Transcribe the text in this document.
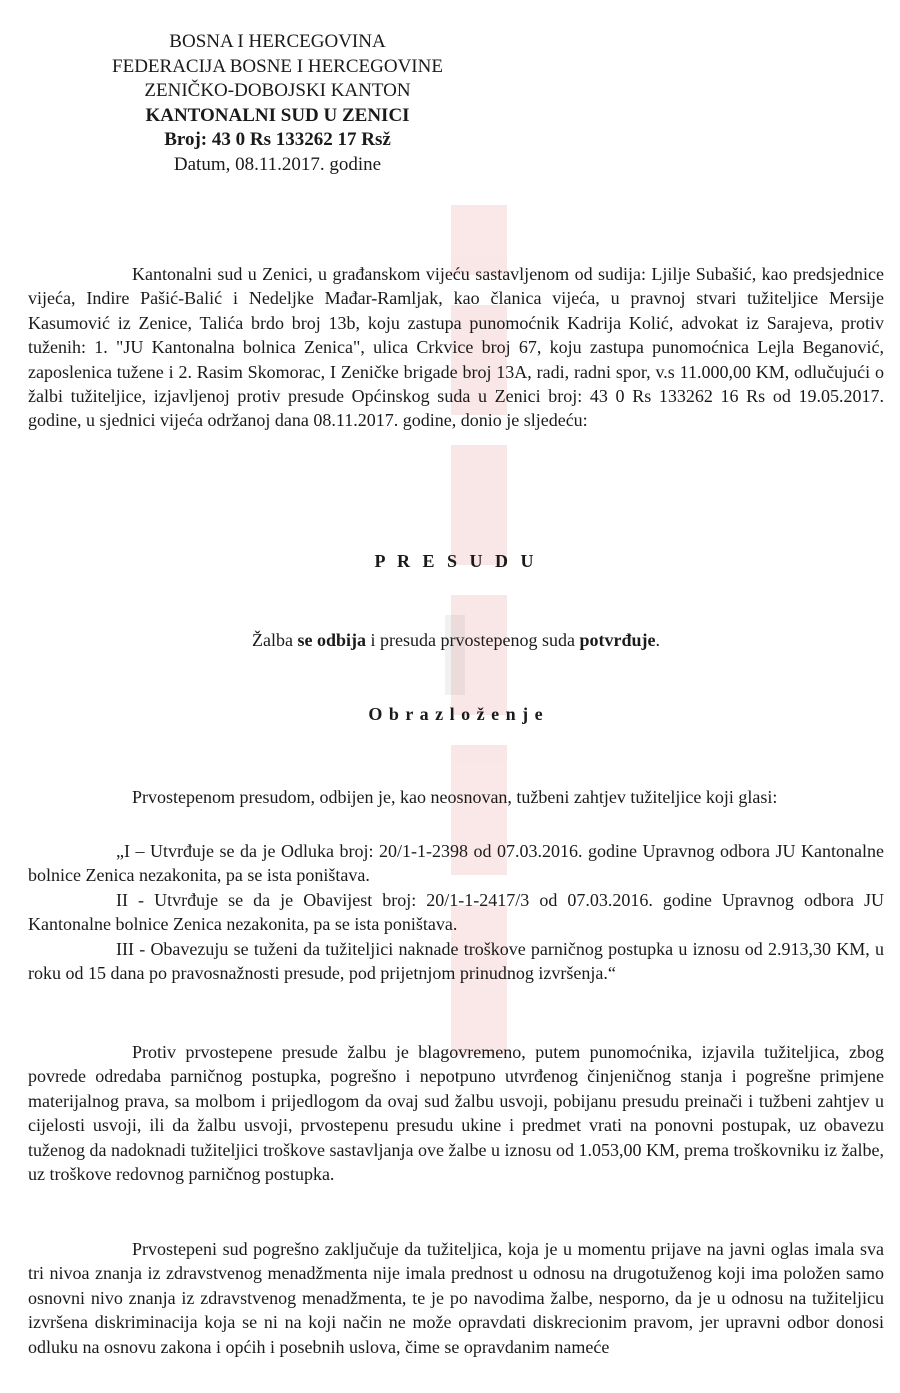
BOSNA I HERCEGOVINA
FEDERACIJA BOSNE I HERCEGOVINE
ZENIČKO-DOBOJSKI KANTON
KANTONALNI SUD U ZENICI
Broj: 43 0 Rs 133262 17 Rsž
Datum, 08.11.2017. godine

Kantonalni sud u Zenici, u građanskom vijeću sastavljenom od sudija: Ljilje Subašić, kao predsjednice vijeća, Indire Pašić-Balić i Nedeljke Mađar-Ramljak, kao članica vijeća, u pravnoj stvari tužiteljice Mersije Kasumović iz Zenice, Talića brdo broj 13b, koju zastupa punomoćnik Kadrija Kolić, advokat iz Sarajeva, protiv tuženih: 1. "JU Kantonalna bolnica Zenica", ulica Crkvice broj 67, koju zastupa punomoćnica Lejla Beganović, zaposlenica tužene i 2. Rasim Skomorac, I Zeničke brigade broj 13A, radi, radni spor, v.s 11.000,00 KM, odlučujući o žalbi tužiteljice, izjavljenoj protiv presude Općinskog suda u Zenici broj: 43 0 Rs 133262 16 Rs od 19.05.2017. godine, u sjednici vijeća održanoj dana 08.11.2017. godine, donio je sljedeću:

P R E S U D U

Žalba se odbija i presuda prvostepenog suda potvrđuje.

O b r a z l o ž e n j e

Prvostepenom presudom, odbijen je, kao neosnovan, tužbeni zahtjev tužiteljice koji glasi:

„I – Utvrđuje se da je Odluka broj: 20/1-1-2398 od 07.03.2016. godine Upravnog odbora JU Kantonalne bolnice Zenica nezakonita, pa se ista poništava.

II - Utvrđuje se da je Obavijest broj: 20/1-1-2417/3 od 07.03.2016. godine Upravnog odbora JU Kantonalne bolnice Zenica nezakonita, pa se ista poništava.

III - Obavezuju se tuženi da tužiteljici naknade troškove parničnog postupka u iznosu od 2.913,30 KM, u roku od 15 dana po pravosnažnosti presude, pod prijetnjom prinudnog izvršenja.“

Protiv prvostepene presude žalbu je blagovremeno, putem punomoćnika, izjavila tužiteljica, zbog povrede odredaba parničnog postupka, pogrešno i nepotpuno utvrđenog činjeničnog stanja i pogrešne primjene materijalnog prava, sa molbom i prijedlogom da ovaj sud žalbu usvoji, pobijanu presudu preinači i tužbeni zahtjev u cijelosti usvoji, ili da žalbu usvoji, prvostepenu presudu ukine i predmet vrati na ponovni postupak, uz obavezu tuženog da nadoknadi tužiteljici troškove sastavljanja ove žalbe u iznosu od 1.053,00 KM, prema troškovniku iz žalbe, uz troškove redovnog parničnog postupka.

Prvostepeni sud pogrešno zaključuje da tužiteljica, koja je u momentu prijave na javni oglas imala sva tri nivoa znanja iz zdravstvenog menadžmenta nije imala prednost u odnosu na drugotuženog koji ima položen samo osnovni nivo znanja iz zdravstvenog menadžmenta, te je po navodima žalbe, nesporno, da je u odnosu na tužiteljicu izvršena diskriminacija koja se ni na koji način ne može opravdati diskrecionim pravom, jer upravni odbor donosi odluku na osnovu zakona i općih i posebnih uslova, čime se opravdanim nameće
